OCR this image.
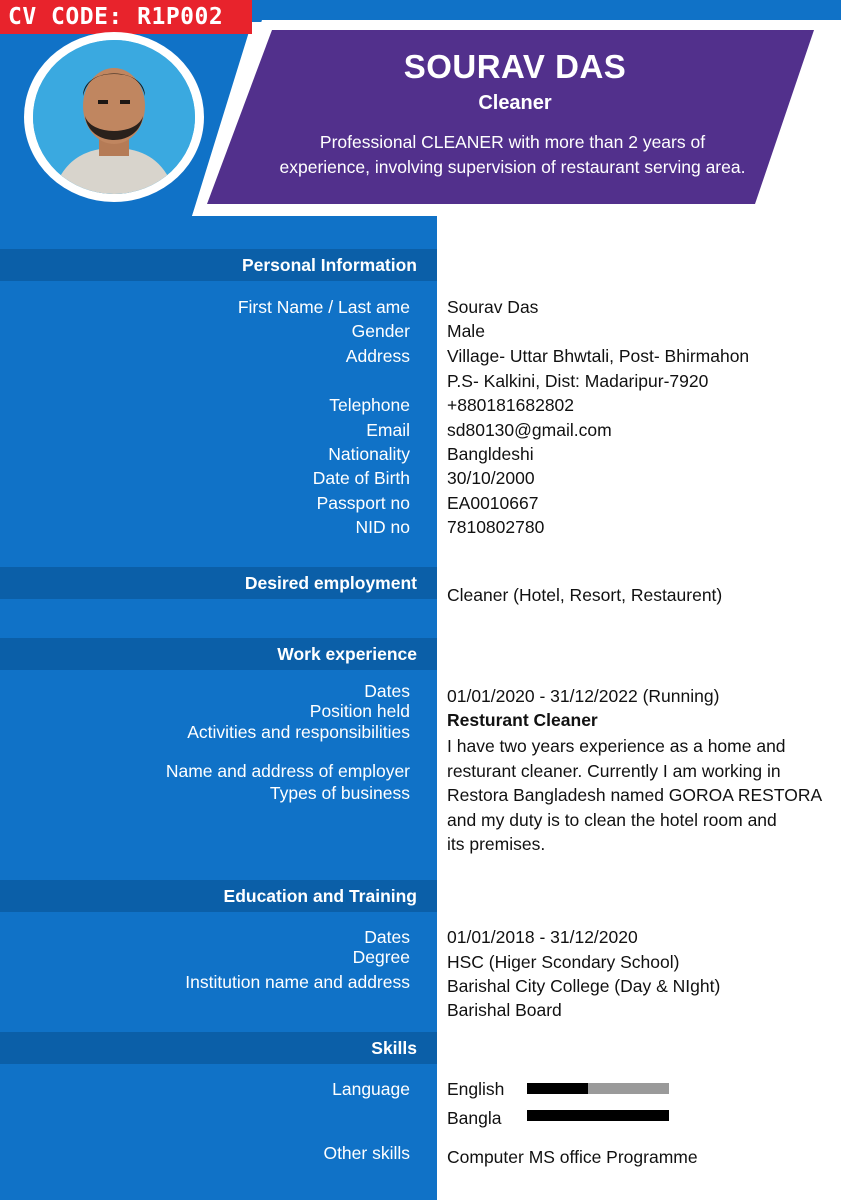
CV CODE: R1P002
SOURAV DAS
Cleaner
Professional CLEANER with more than 2 years of
experience, involving supervision of restaurant serving area.
Personal Information
First Name / Last ame Sourav Das
Gender Male
Address Village- Uttar Bhwtali, Post- Bhirmahon
P.S- Kalkini, Dist: Madaripur-7920
Telephone +880181682802
Email sd80130@gmail.com
Nationality Bangldeshi
Date of Birth 30/10/2000
Passport no EA0010667
NID no 7810802780
Desired employment
Cleaner (Hotel, Resort, Restaurent)
Work experience
Dates
Position held
Activities and responsibilities
Name and address of employer
Types of business
01/01/2020 - 31/12/2022 (Running)
Resturant Cleaner
I have two years experience as a home and
resturant cleaner. Currently I am working in
Restora Bangladesh named GOROA RESTORA
and my duty is to clean the hotel room and
its premises.
Education and Training
Dates
Degree
Institution name and address
01/01/2018 - 31/12/2020
HSC (Higer Scondary School)
Barishal City College (Day & NIght)
Barishal Board
Skills
Language English
Bangla
Other skills Computer MS office Programme
